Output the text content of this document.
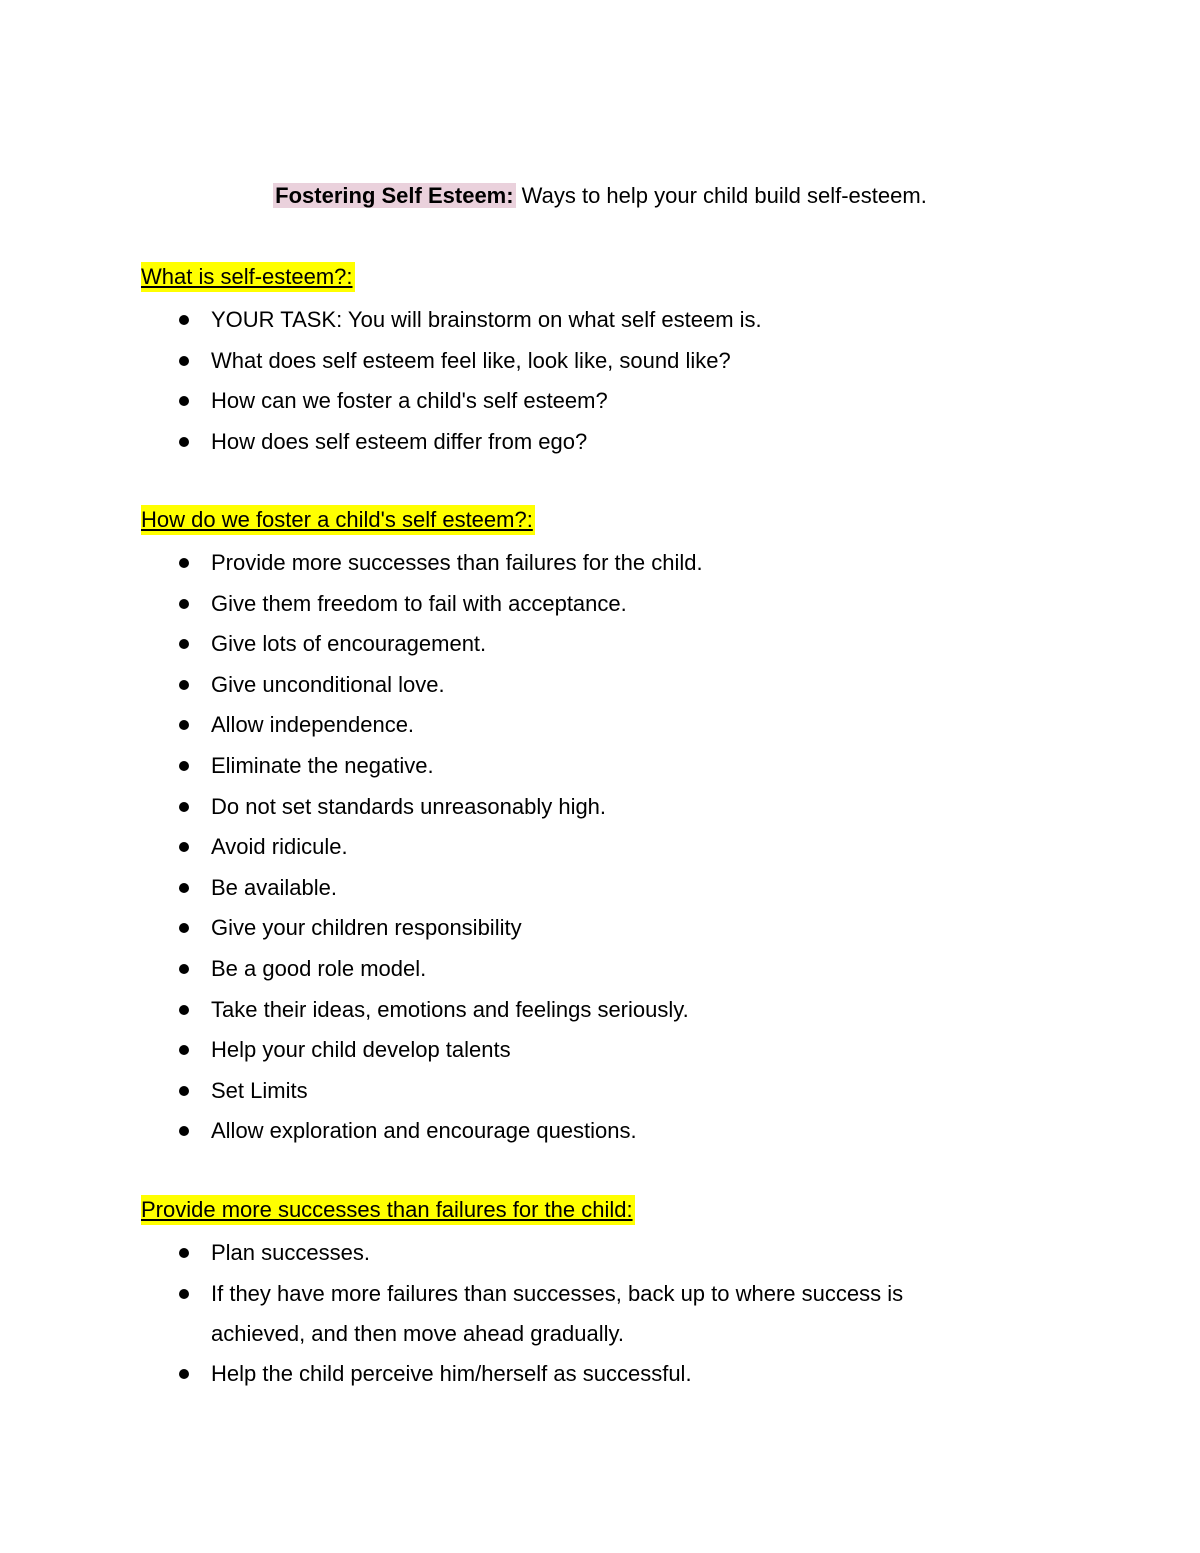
Fostering Self Esteem: Ways to help your child build self-esteem.
What is self-esteem?:
YOUR TASK: You will brainstorm on what self esteem is.
What does self esteem feel like, look like, sound like?
How can we foster a child's self esteem?
How does self esteem differ from ego?
How do we foster a child's self esteem?:
Provide more successes than failures for the child.
Give them freedom to fail with acceptance.
Give lots of encouragement.
Give unconditional love.
Allow independence.
Eliminate the negative.
Do not set standards unreasonably high.
Avoid ridicule.
Be available.
Give your children responsibility
Be a good role model.
Take their ideas, emotions and feelings seriously.
Help your child develop talents
Set Limits
Allow exploration and encourage questions.
Provide more successes than failures for the child:
Plan successes.
If they have more failures than successes, back up to where success is achieved, and then move ahead gradually.
Help the child perceive him/herself as successful.
